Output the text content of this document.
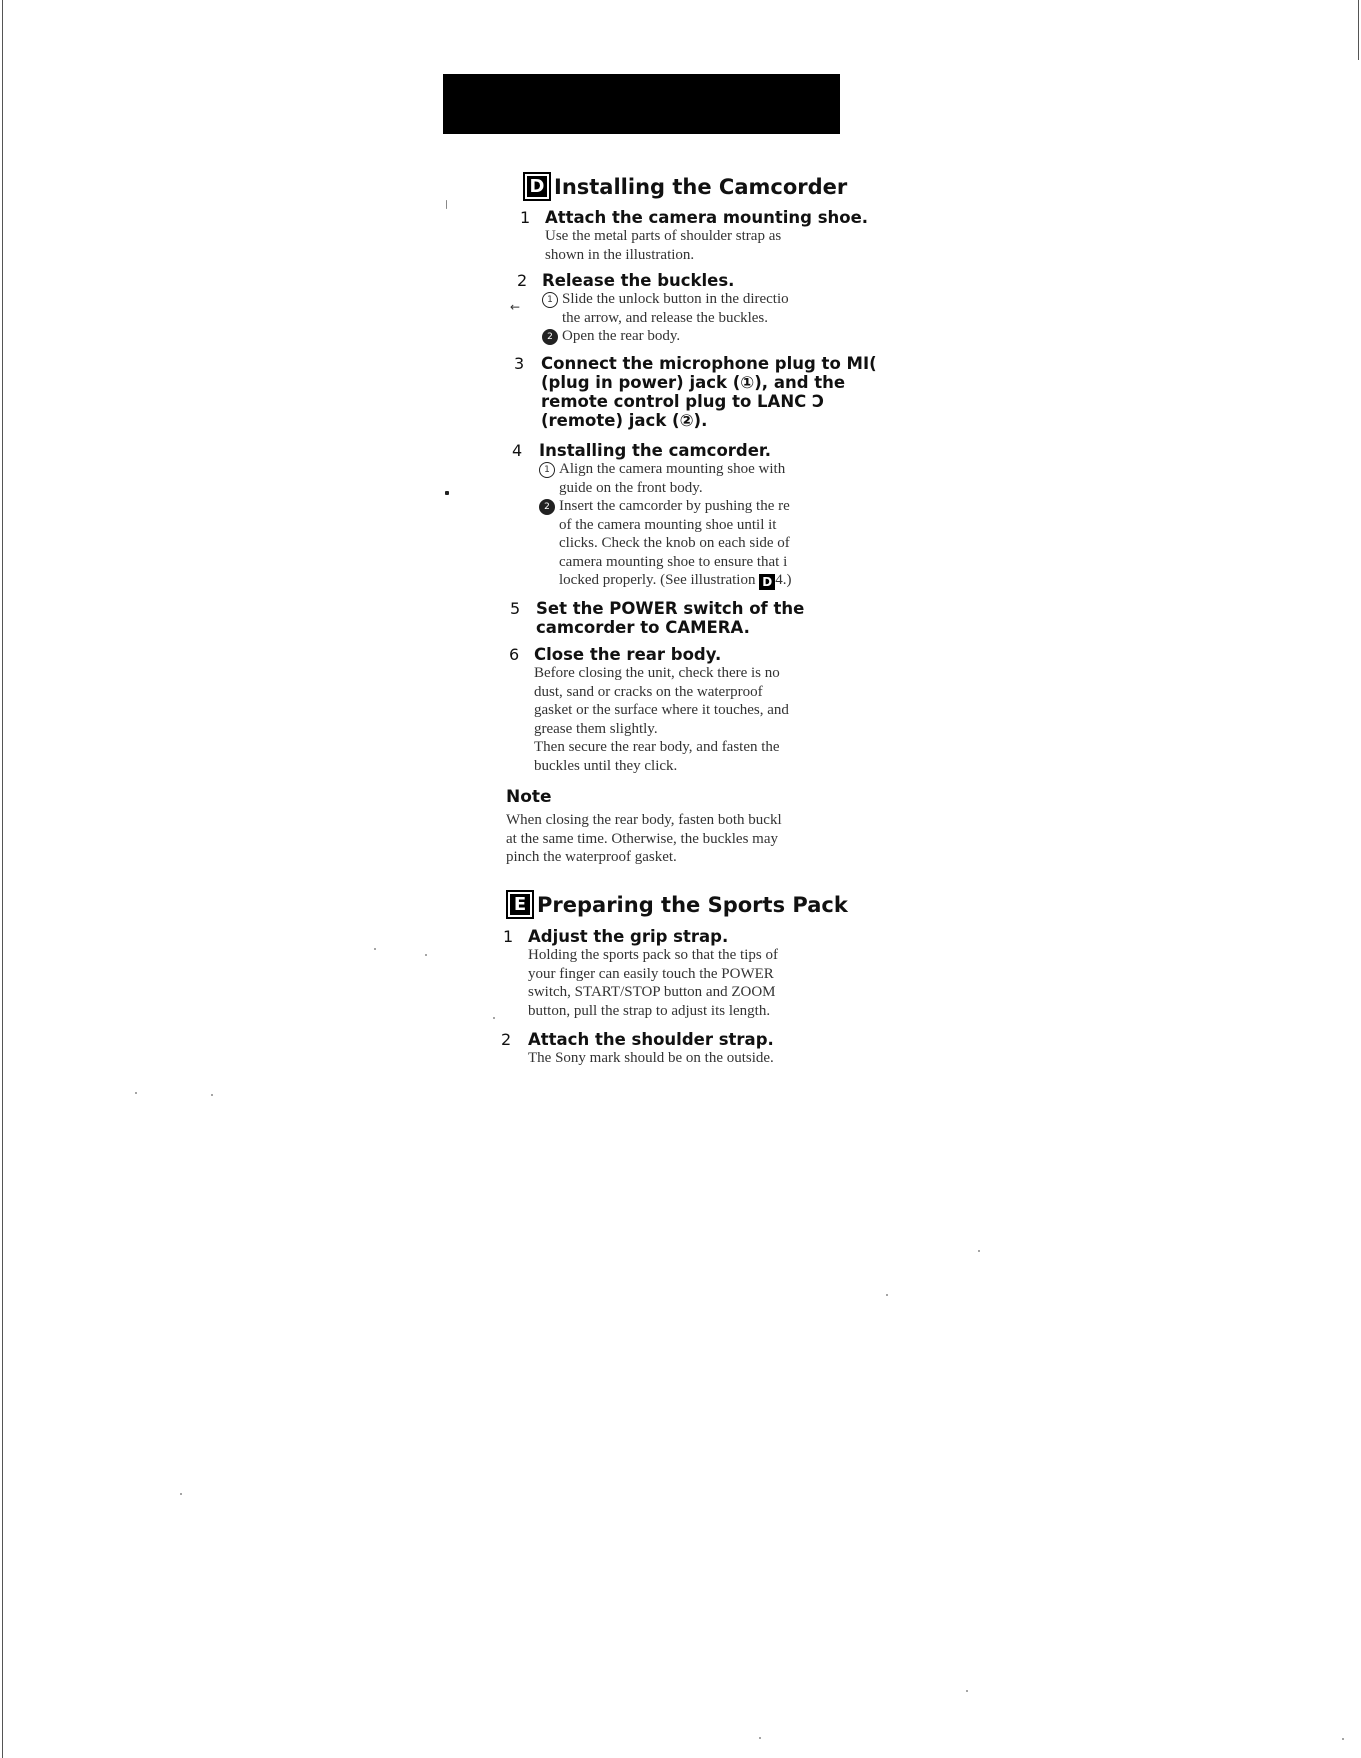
D Installing the Camcorder
1 Attach the camera mounting shoe.
Use the metal parts of shoulder strap as
shown in the illustration.
2 Release the buckles.
1 Slide the unlock button in the directio
the arrow, and release the buckles.
2 Open the rear body.
←
3 Connect the microphone plug to MI(
(plug in power) jack (①), and the
remote control plug to LANC Ɔ
(remote) jack (②).
4 Installing the camcorder.
1 Align the camera mounting shoe with
guide on the front body.
2 Insert the camcorder by pushing the re
of the camera mounting shoe until it
clicks. Check the knob on each side of
camera mounting shoe to ensure that i
locked properly. (See illustration D 4.)
5 Set the POWER switch of the
camcorder to CAMERA.
6 Close the rear body.
Before closing the unit, check there is no
dust, sand or cracks on the waterproof
gasket or the surface where it touches, and
grease them slightly.
Then secure the rear body, and fasten the
buckles until they click.
Note
When closing the rear body, fasten both buckl
at the same time. Otherwise, the buckles may
pinch the waterproof gasket.
E Preparing the Sports Pack
1 Adjust the grip strap.
Holding the sports pack so that the tips of
your finger can easily touch the POWER
switch, START/STOP button and ZOOM
button, pull the strap to adjust its length.
2 Attach the shoulder strap.
The Sony mark should be on the outside.
